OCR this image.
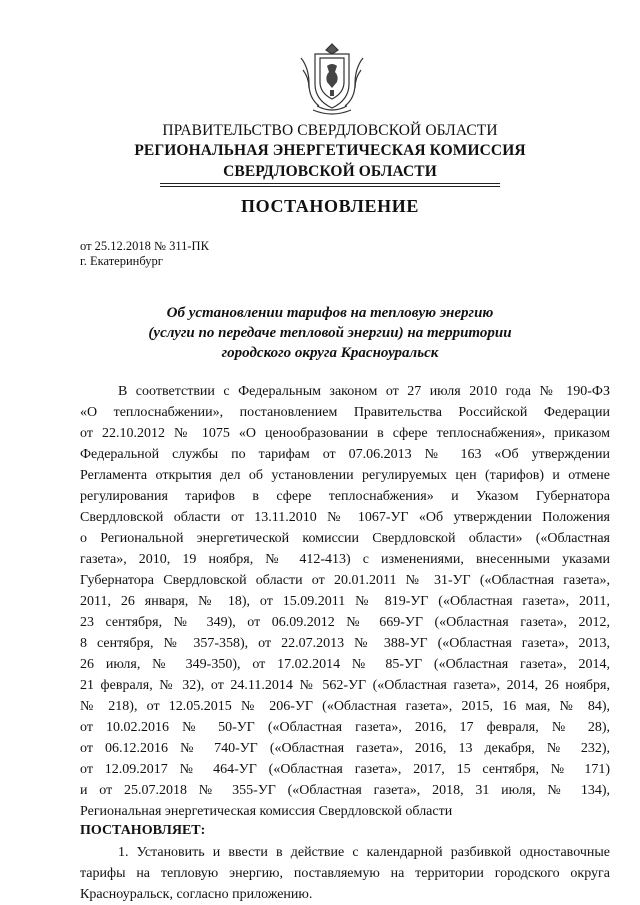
ПРАВИТЕЛЬСТВО СВЕРДЛОВСКОЙ ОБЛАСТИ
РЕГИОНАЛЬНАЯ ЭНЕРГЕТИЧЕСКАЯ КОМИССИЯ
СВЕРДЛОВСКОЙ ОБЛАСТИ
ПОСТАНОВЛЕНИЕ
от 25.12.2018 № 311-ПК
г. Екатеринбург
Об установлении тарифов на тепловую энергию
(услуги по передаче тепловой энергии) на территории
городского округа Красноуральск
В соответствии с Федеральным законом от 27 июля 2010 года № 190-ФЗ
«О теплоснабжении», постановлением Правительства Российской Федерации
от 22.10.2012 № 1075 «О ценообразовании в сфере теплоснабжения», приказом
Федеральной службы по тарифам от 07.06.2013 № 163 «Об утверждении
Регламента открытия дел об установлении регулируемых цен (тарифов) и отмене
регулирования тарифов в сфере теплоснабжения» и Указом Губернатора
Свердловской области от 13.11.2010 № 1067-УГ «Об утверждении Положения
о Региональной энергетической комиссии Свердловской области» («Областная
газета», 2010, 19 ноября, № 412-413) с изменениями, внесенными указами
Губернатора Свердловской области от 20.01.2011 № 31-УГ («Областная газета»,
2011, 26 января, № 18), от 15.09.2011 № 819-УГ («Областная газета», 2011,
23 сентября, № 349), от 06.09.2012 № 669-УГ («Областная газета», 2012,
8 сентября, № 357-358), от 22.07.2013 № 388-УГ («Областная газета», 2013,
26 июля, № 349-350), от 17.02.2014 № 85-УГ («Областная газета», 2014,
21 февраля, № 32), от 24.11.2014 № 562-УГ («Областная газета», 2014, 26 ноября,
№ 218), от 12.05.2015 № 206-УГ («Областная газета», 2015, 16 мая, № 84),
от 10.02.2016 № 50-УГ («Областная газета», 2016, 17 февраля, № 28),
от 06.12.2016 № 740-УГ («Областная газета», 2016, 13 декабря, № 232),
от 12.09.2017 № 464-УГ («Областная газета», 2017, 15 сентября, № 171)
и от 25.07.2018 № 355-УГ («Областная газета», 2018, 31 июля, № 134),
Региональная энергетическая комиссия Свердловской области
ПОСТАНОВЛЯЕТ:
1. Установить и ввести в действие с календарной разбивкой одноставочные
тарифы на тепловую энергию, поставляемую на территории городского округа
Красноуральск, согласно приложению.
